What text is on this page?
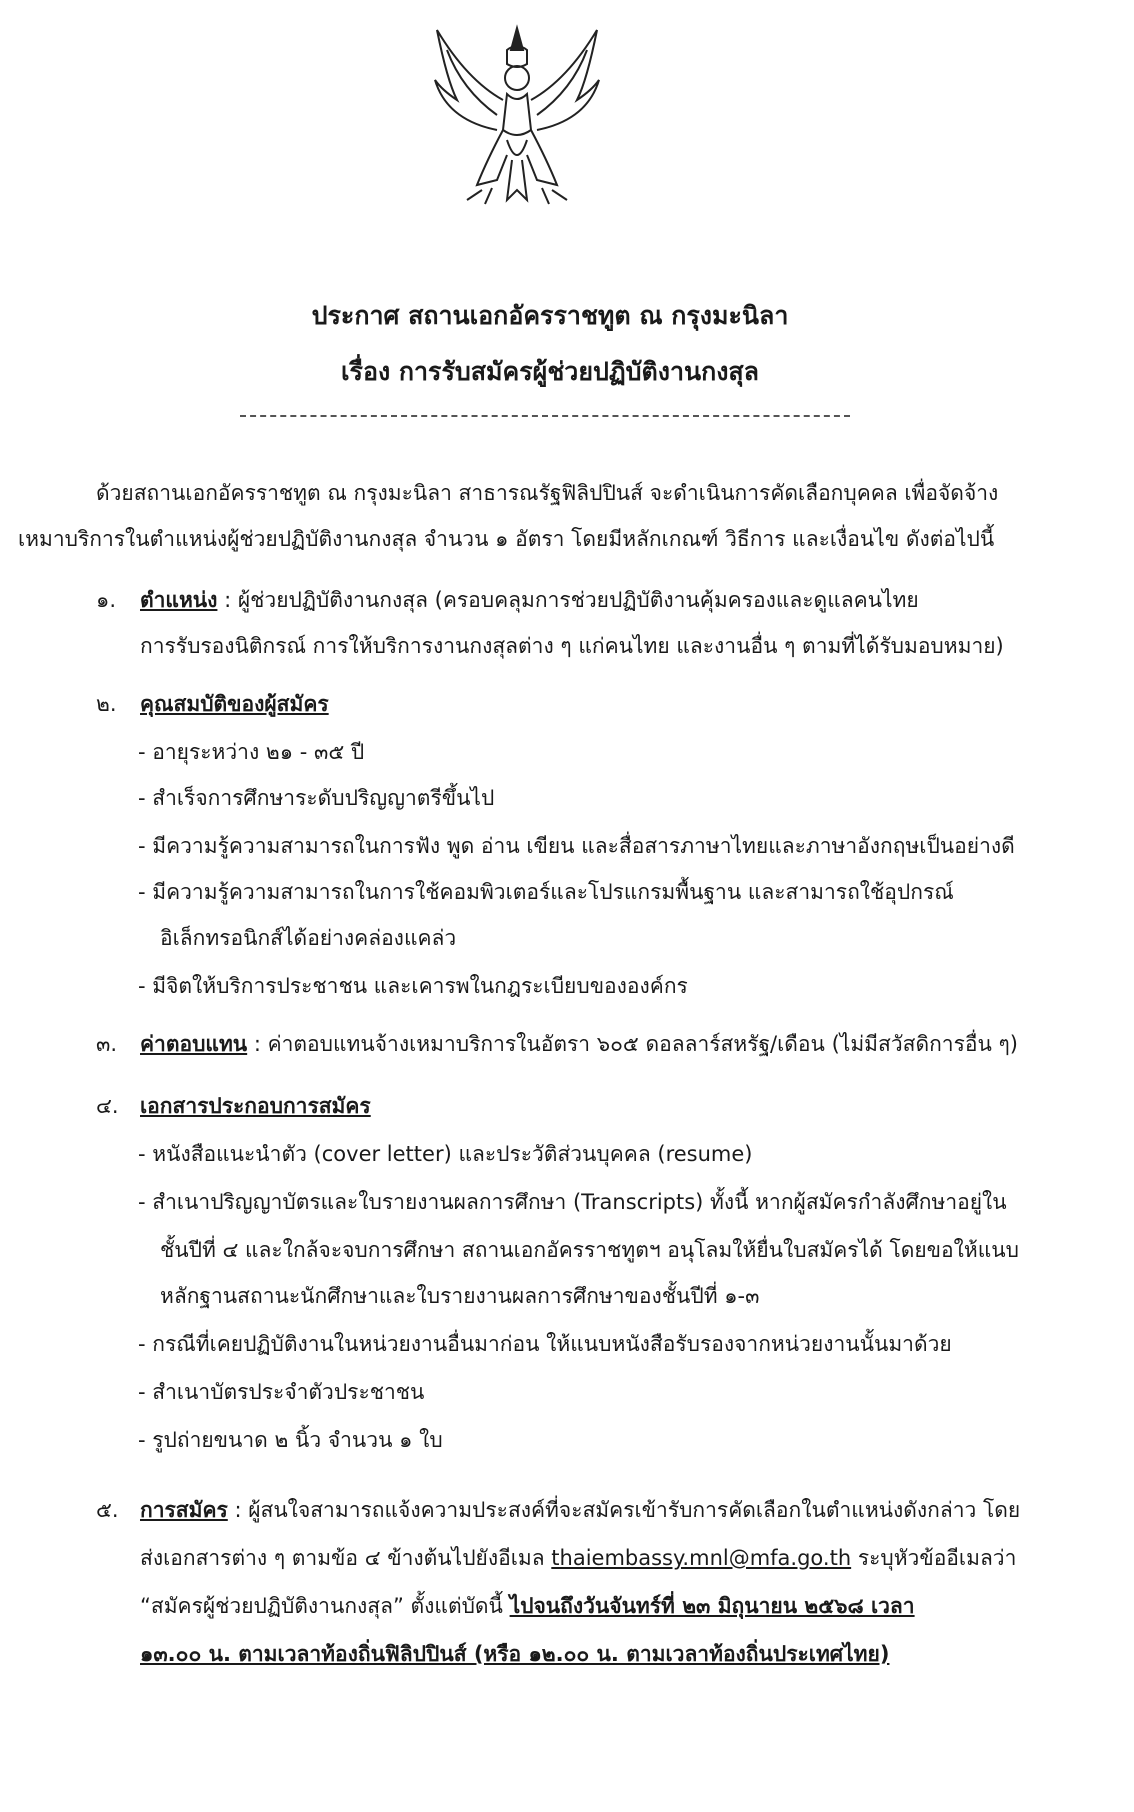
ประกาศ สถานเอกอัครราชทูต ณ กรุงมะนิลา
เรื่อง การรับสมัครผู้ช่วยปฏิบัติงานกงสุล
ด้วยสถานเอกอัครราชทูต ณ กรุงมะนิลา สาธารณรัฐฟิลิปปินส์ จะดำเนินการคัดเลือกบุคคล เพื่อจัดจ้าง
เหมาบริการในตำแหน่งผู้ช่วยปฏิบัติงานกงสุล จำนวน ๑ อัตรา โดยมีหลักเกณฑ์ วิธีการ และเงื่อนไข ดังต่อไปนี้
๑. ตำแหน่ง : ผู้ช่วยปฏิบัติงานกงสุล (ครอบคลุมการช่วยปฏิบัติงานคุ้มครองและดูแลคนไทย
การรับรองนิติกรณ์ การให้บริการงานกงสุลต่าง ๆ แก่คนไทย และงานอื่น ๆ ตามที่ได้รับมอบหมาย)
๒. คุณสมบัติของผู้สมัคร
- อายุระหว่าง ๒๑ - ๓๕ ปี
- สำเร็จการศึกษาระดับปริญญาตรีขึ้นไป
- มีความรู้ความสามารถในการฟัง พูด อ่าน เขียน และสื่อสารภาษาไทยและภาษาอังกฤษเป็นอย่างดี
- มีความรู้ความสามารถในการใช้คอมพิวเตอร์และโปรแกรมพื้นฐาน และสามารถใช้อุปกรณ์
อิเล็กทรอนิกส์ได้อย่างคล่องแคล่ว
- มีจิตให้บริการประชาชน และเคารพในกฎระเบียบขององค์กร
๓. ค่าตอบแทน : ค่าตอบแทนจ้างเหมาบริการในอัตรา ๖๐๕ ดอลลาร์สหรัฐ/เดือน (ไม่มีสวัสดิการอื่น ๆ)
๔. เอกสารประกอบการสมัคร
- หนังสือแนะนำตัว (cover letter) และประวัติส่วนบุคคล (resume)
- สำเนาปริญญาบัตรและใบรายงานผลการศึกษา (Transcripts) ทั้งนี้ หากผู้สมัครกำลังศึกษาอยู่ใน
ชั้นปีที่ ๔ และใกล้จะจบการศึกษา สถานเอกอัครราชทูตฯ อนุโลมให้ยื่นใบสมัครได้ โดยขอให้แนบ
หลักฐานสถานะนักศึกษาและใบรายงานผลการศึกษาของชั้นปีที่ ๑-๓
- กรณีที่เคยปฏิบัติงานในหน่วยงานอื่นมาก่อน ให้แนบหนังสือรับรองจากหน่วยงานนั้นมาด้วย
- สำเนาบัตรประจำตัวประชาชน
- รูปถ่ายขนาด ๒ นิ้ว จำนวน ๑ ใบ
๕. การสมัคร : ผู้สนใจสามารถแจ้งความประสงค์ที่จะสมัครเข้ารับการคัดเลือกในตำแหน่งดังกล่าว โดย
ส่งเอกสารต่าง ๆ ตามข้อ ๔ ข้างต้นไปยังอีเมล thaiembassy.mnl@mfa.go.th ระบุหัวข้ออีเมลว่า
“สมัครผู้ช่วยปฏิบัติงานกงสุล” ตั้งแต่บัดนี้ ไปจนถึงวันจันทร์ที่ ๒๓ มิถุนายน ๒๕๖๘ เวลา
๑๓.๐๐ น. ตามเวลาท้องถิ่นฟิลิปปินส์ (หรือ ๑๒.๐๐ น. ตามเวลาท้องถิ่นประเทศไทย)
